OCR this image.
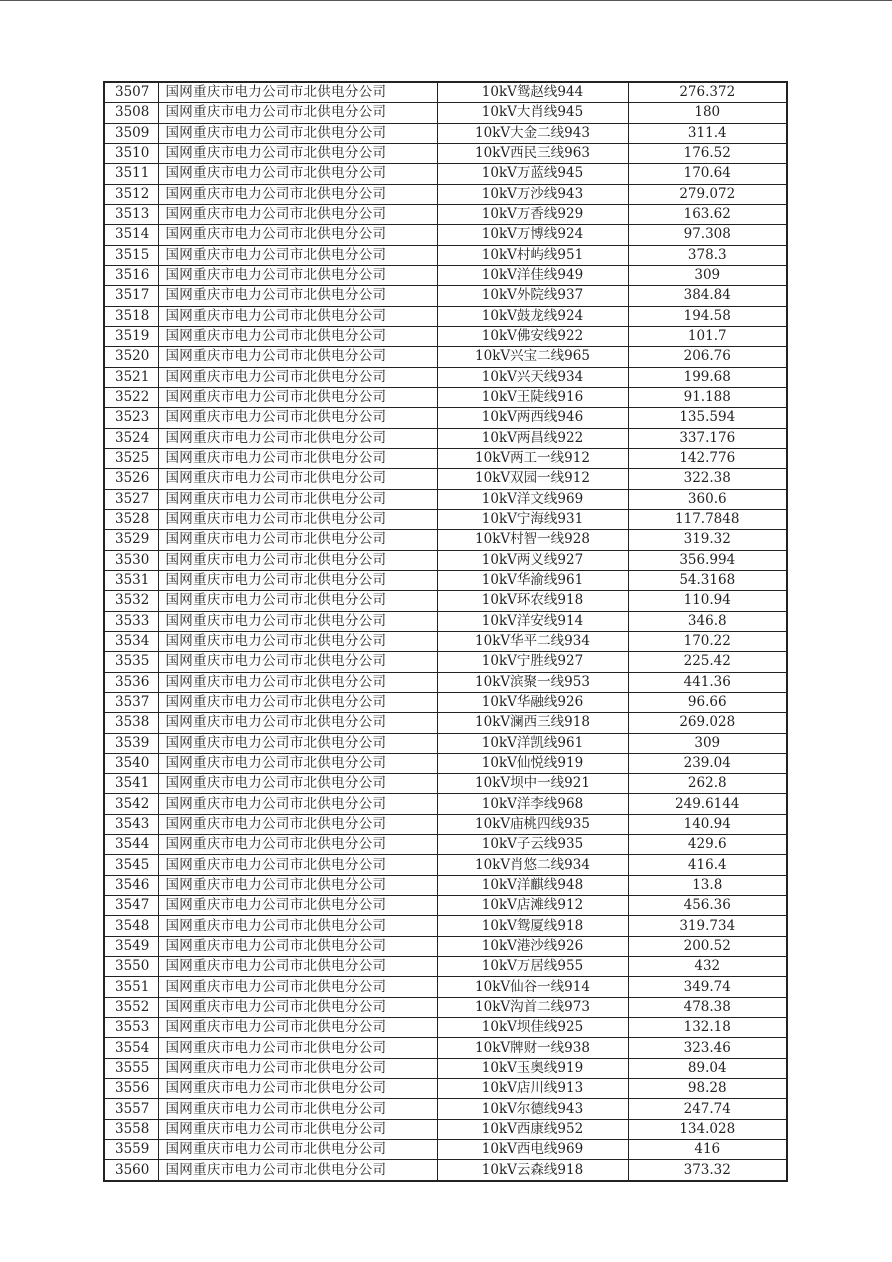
3507	国网重庆市电力公司市北供电分公司	10kV鸳赵线944	276.372
3508	国网重庆市电力公司市北供电分公司	10kV大肖线945	180
3509	国网重庆市电力公司市北供电分公司	10kV大金二线943	311.4
3510	国网重庆市电力公司市北供电分公司	10kV西民三线963	176.52
3511	国网重庆市电力公司市北供电分公司	10kV万蓝线945	170.64
3512	国网重庆市电力公司市北供电分公司	10kV万沙线943	279.072
3513	国网重庆市电力公司市北供电分公司	10kV万香线929	163.62
3514	国网重庆市电力公司市北供电分公司	10kV万博线924	97.308
3515	国网重庆市电力公司市北供电分公司	10kV村屿线951	378.3
3516	国网重庆市电力公司市北供电分公司	10kV洋佳线949	309
3517	国网重庆市电力公司市北供电分公司	10kV外院线937	384.84
3518	国网重庆市电力公司市北供电分公司	10kV鼓龙线924	194.58
3519	国网重庆市电力公司市北供电分公司	10kV佛安线922	101.7
3520	国网重庆市电力公司市北供电分公司	10kV兴宝二线965	206.76
3521	国网重庆市电力公司市北供电分公司	10kV兴天线934	199.68
3522	国网重庆市电力公司市北供电分公司	10kV王陡线916	91.188
3523	国网重庆市电力公司市北供电分公司	10kV两西线946	135.594
3524	国网重庆市电力公司市北供电分公司	10kV两昌线922	337.176
3525	国网重庆市电力公司市北供电分公司	10kV两工一线912	142.776
3526	国网重庆市电力公司市北供电分公司	10kV双园一线912	322.38
3527	国网重庆市电力公司市北供电分公司	10kV洋文线969	360.6
3528	国网重庆市电力公司市北供电分公司	10kV宁海线931	117.7848
3529	国网重庆市电力公司市北供电分公司	10kV村智一线928	319.32
3530	国网重庆市电力公司市北供电分公司	10kV两义线927	356.994
3531	国网重庆市电力公司市北供电分公司	10kV华渝线961	54.3168
3532	国网重庆市电力公司市北供电分公司	10kV环农线918	110.94
3533	国网重庆市电力公司市北供电分公司	10kV洋安线914	346.8
3534	国网重庆市电力公司市北供电分公司	10kV华平二线934	170.22
3535	国网重庆市电力公司市北供电分公司	10kV宁胜线927	225.42
3536	国网重庆市电力公司市北供电分公司	10kV滨聚一线953	441.36
3537	国网重庆市电力公司市北供电分公司	10kV华融线926	96.66
3538	国网重庆市电力公司市北供电分公司	10kV澜西三线918	269.028
3539	国网重庆市电力公司市北供电分公司	10kV洋凯线961	309
3540	国网重庆市电力公司市北供电分公司	10kV仙悦线919	239.04
3541	国网重庆市电力公司市北供电分公司	10kV坝中一线921	262.8
3542	国网重庆市电力公司市北供电分公司	10kV洋李线968	249.6144
3543	国网重庆市电力公司市北供电分公司	10kV庙桃四线935	140.94
3544	国网重庆市电力公司市北供电分公司	10kV子云线935	429.6
3545	国网重庆市电力公司市北供电分公司	10kV肖悠二线934	416.4
3546	国网重庆市电力公司市北供电分公司	10kV洋麒线948	13.8
3547	国网重庆市电力公司市北供电分公司	10kV店滩线912	456.36
3548	国网重庆市电力公司市北供电分公司	10kV鸳厦线918	319.734
3549	国网重庆市电力公司市北供电分公司	10kV港沙线926	200.52
3550	国网重庆市电力公司市北供电分公司	10kV万居线955	432
3551	国网重庆市电力公司市北供电分公司	10kV仙谷一线914	349.74
3552	国网重庆市电力公司市北供电分公司	10kV沟首二线973	478.38
3553	国网重庆市电力公司市北供电分公司	10kV坝佳线925	132.18
3554	国网重庆市电力公司市北供电分公司	10kV牌财一线938	323.46
3555	国网重庆市电力公司市北供电分公司	10kV玉奥线919	89.04
3556	国网重庆市电力公司市北供电分公司	10kV店川线913	98.28
3557	国网重庆市电力公司市北供电分公司	10kV尔德线943	247.74
3558	国网重庆市电力公司市北供电分公司	10kV西康线952	134.028
3559	国网重庆市电力公司市北供电分公司	10kV西电线969	416
3560	国网重庆市电力公司市北供电分公司	10kV云森线918	373.32
